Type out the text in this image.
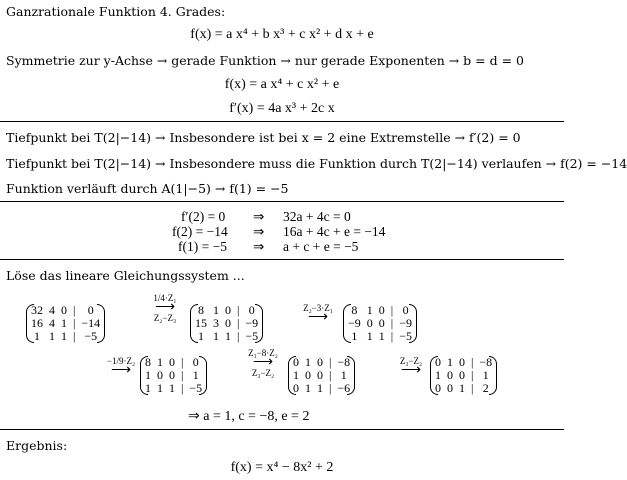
Ganzrationale Funktion 4. Grades:
f(x) = a x⁴ + b x³ + c x² + d x + e
Symmetrie zur y-Achse → gerade Funktion → nur gerade Exponenten → b = d = 0
f(x) = a x⁴ + c x² + e
f′(x) = 4a x³ + 2c x
Tiefpunkt bei T(2|−14) → Insbesondere ist bei x = 2 eine Extremstelle → f′(2) = 0
Tiefpunkt bei T(2|−14) → Insbesondere muss die Funktion durch T(2|−14) verlaufen → f(2) = −14
Funktion verläuft durch A(1|−5) → f(1) = −5
f′(2) = 0 ⇒ 32a + 4c = 0
f(2) = −14 ⇒ 16a + 4c + e = −14
f(1) = −5 ⇒ a + c + e = −5
Löse das lineare Gleichungssystem ...
32	4	0	|	0
16	4	1	|	−14
1	1	1	|	−5
1/4·Z₁
⟶
Z₂−Z₃
8	1	0	|	0
15	3	0	|	−9
1	1	1	|	−5
Z₂−3·Z₁
⟶	8	1	0	|	0
−9	0	0	|	−9
1	1	1	|	−5
−1/9·Z₂
⟶
8	1	0	|	0
1	0	0	|	1
1	1	1	|	−5
Z₁−8·Z₂
⟶
Z₃−Z₂
0	1	0	|	−8
1	0	0	|	1
0	1	1	|	−6
Z₃−Z₂
⟶
0	1	0	|	−8
1	0	0	|	1
0	0	1	|	2
⇒ a = 1, c = −8, e = 2
Ergebnis:
f(x) = x⁴ − 8x² + 2
